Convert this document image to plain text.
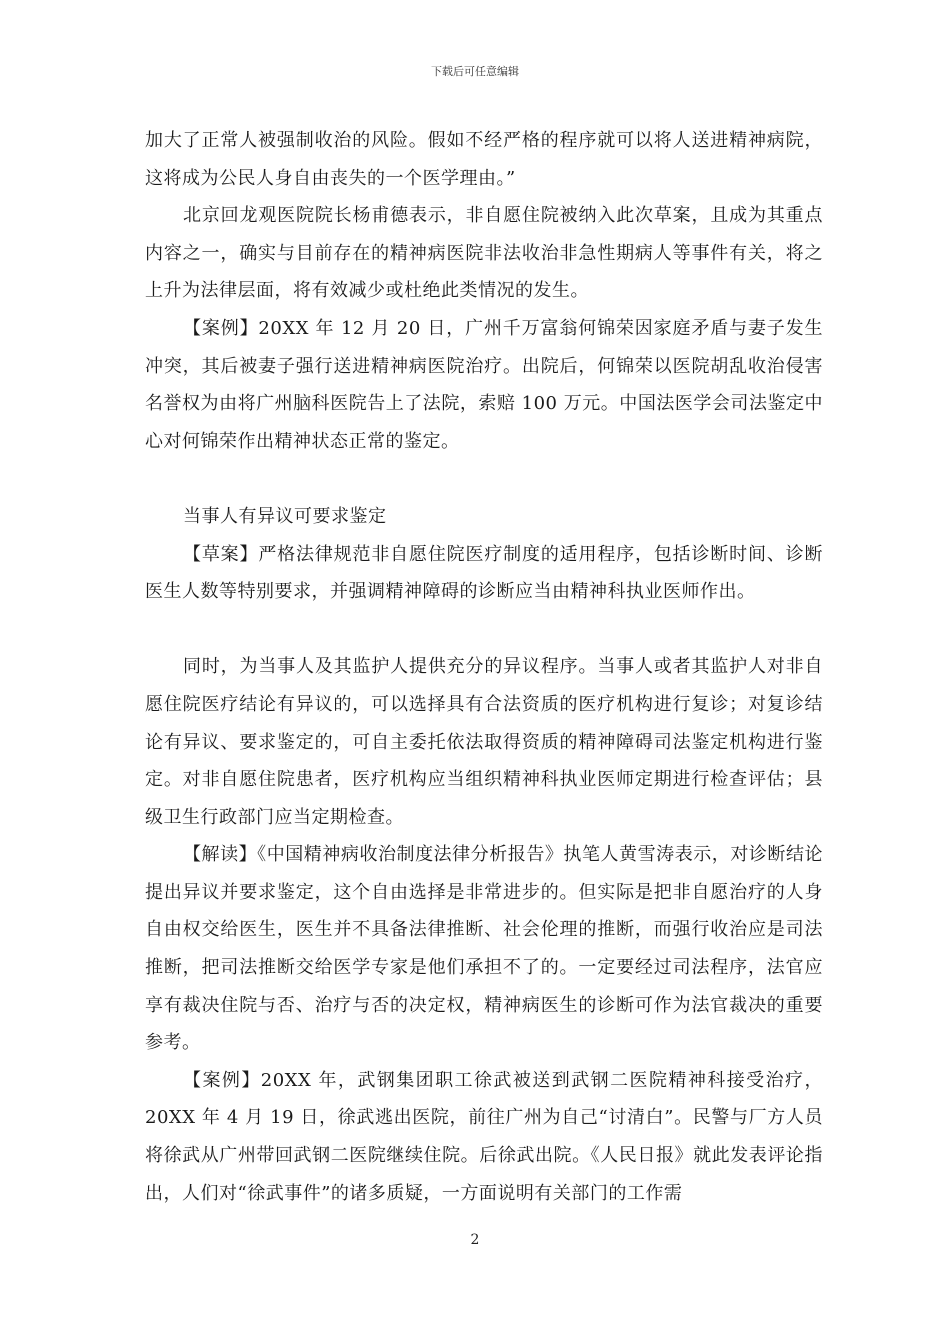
下载后可任意编辑

加大了正常人被强制收治的风险。假如不经严格的程序就可以将人送进精神病院，这将成为公民人身自由丧失的一个医学理由。”

北京回龙观医院院长杨甫德表示，非自愿住院被纳入此次草案，且成为其重点内容之一，确实与目前存在的精神病医院非法收治非急性期病人等事件有关，将之上升为法律层面，将有效减少或杜绝此类情况的发生。

【案例】20XX 年 12 月 20 日，广州千万富翁何锦荣因家庭矛盾与妻子发生冲突，其后被妻子强行送进精神病医院治疗。出院后，何锦荣以医院胡乱收治侵害名誉权为由将广州脑科医院告上了法院，索赔 100 万元。中国法医学会司法鉴定中心对何锦荣作出精神状态正常的鉴定。

当事人有异议可要求鉴定

【草案】严格法律规范非自愿住院医疗制度的适用程序，包括诊断时间、诊断医生人数等特别要求，并强调精神障碍的诊断应当由精神科执业医师作出。

同时，为当事人及其监护人提供充分的异议程序。当事人或者其监护人对非自愿住院医疗结论有异议的，可以选择具有合法资质的医疗机构进行复诊；对复诊结论有异议、要求鉴定的，可自主委托依法取得资质的精神障碍司法鉴定机构进行鉴定。对非自愿住院患者，医疗机构应当组织精神科执业医师定期进行检查评估；县级卫生行政部门应当定期检查。

【解读】《中国精神病收治制度法律分析报告》执笔人黄雪涛表示，对诊断结论提出异议并要求鉴定，这个自由选择是非常进步的。但实际是把非自愿治疗的人身自由权交给医生，医生并不具备法律推断、社会伦理的推断，而强行收治应是司法推断，把司法推断交给医学专家是他们承担不了的。一定要经过司法程序，法官应享有裁决住院与否、治疗与否的决定权，精神病医生的诊断可作为法官裁决的重要参考。

【案例】20XX 年，武钢集团职工徐武被送到武钢二医院精神科接受治疗，20XX 年 4 月 19 日，徐武逃出医院，前往广州为自己“讨清白”。民警与厂方人员将徐武从广州带回武钢二医院继续住院。后徐武出院。《人民日报》就此发表评论指出，人们对“徐武事件”的诸多质疑，一方面说明有关部门的工作需

2
